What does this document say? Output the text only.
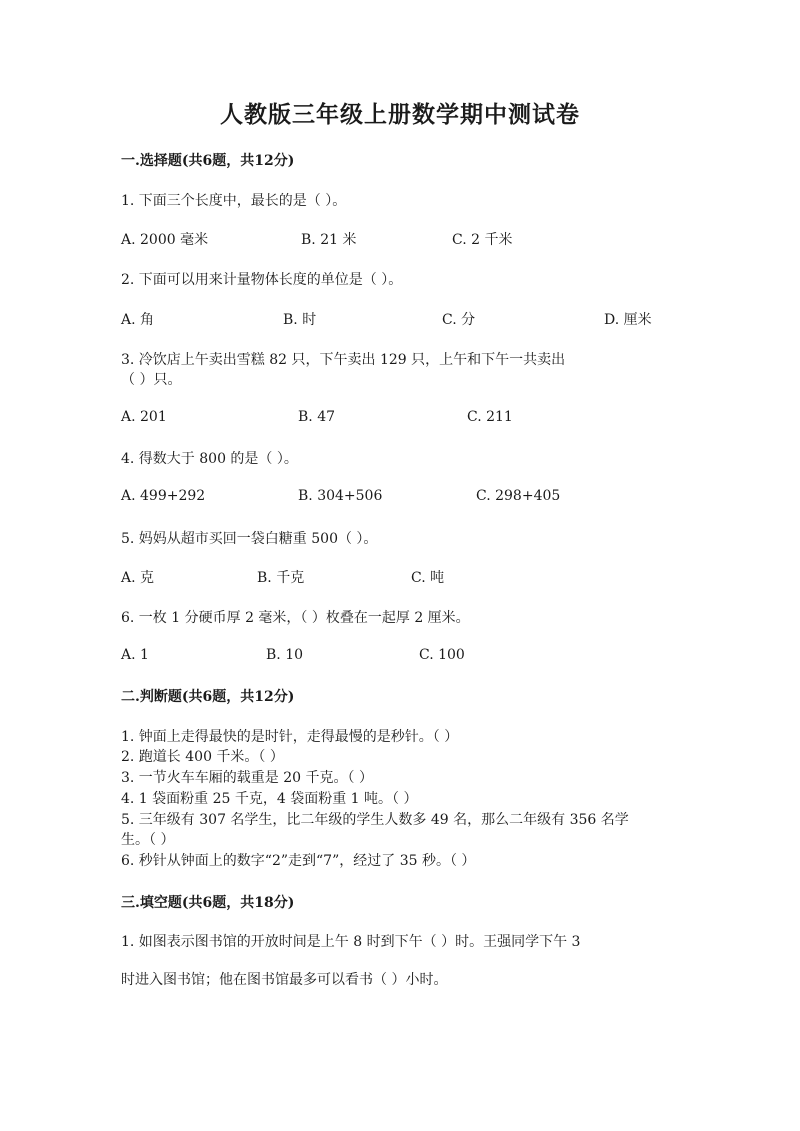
人教版三年级上册数学期中测试卷
一.选择题(共6题，共12分)
1. 下面三个长度中，最长的是（ ）。
A. 2000 毫米	B. 21 米	C. 2 千米
2. 下面可以用来计量物体长度的单位是（ ）。
A. 角	B. 时	C. 分	D. 厘米
3. 冷饮店上午卖出雪糕 82 只，下午卖出 129 只，上午和下午一共卖出
（ ）只。
A. 201	B. 47	C. 211
4. 得数大于 800 的是（ ）。
A. 499+292	B. 304+506	C. 298+405
5. 妈妈从超市买回一袋白糖重 500（ ）。
A. 克	B. 千克	C. 吨
6. 一枚 1 分硬币厚 2 毫米，（ ）枚叠在一起厚 2 厘米。
A. 1	B. 10	C. 100
二.判断题(共6题，共12分)
1. 钟面上走得最快的是时针，走得最慢的是秒针。（ ）
2. 跑道长 400 千米。（ ）
3. 一节火车车厢的载重是 20 千克。（ ）
4. 1 袋面粉重 25 千克，4 袋面粉重 1 吨。（ ）
5. 三年级有 307 名学生，比二年级的学生人数多 49 名，那么二年级有 356 名学
生。（ ）
6. 秒针从钟面上的数字“2”走到“7”，经过了 35 秒。（ ）
三.填空题(共6题，共18分)
1. 如图表示图书馆的开放时间是上午 8 时到下午（ ）时。王强同学下午 3
时进入图书馆；他在图书馆最多可以看书（ ）小时。
